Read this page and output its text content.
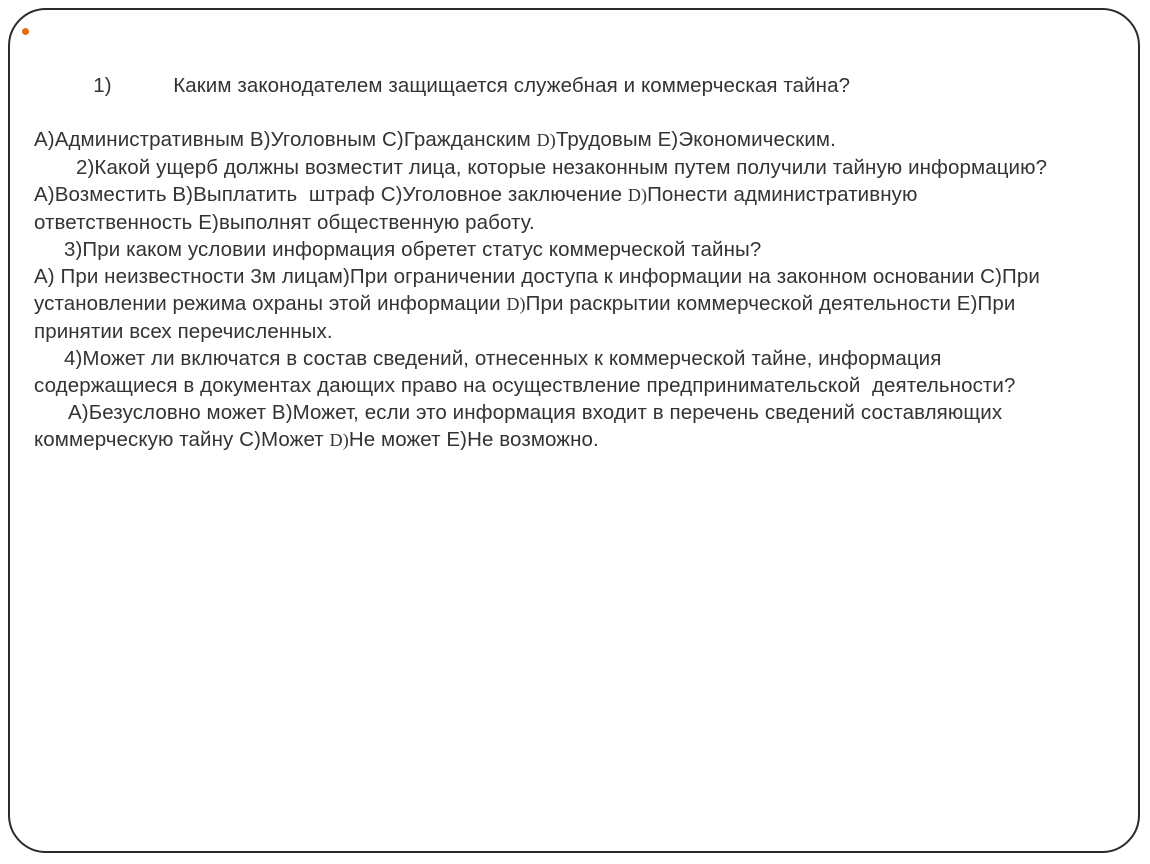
1)	Каким законодателем защищается служебная и коммерческая тайна?

А)Административным В)Уголовным С)Гражданским D)Трудовым Е)Экономическим.
2)Какой ущерб должны возместит лица, которые незаконным путем получили тайную информацию?
А)Возместить В)Выплатить  штраф С)Уголовное заключение D)Понести административную
ответственность Е)выполнят общественную работу.
3)При каком условии информация обретет статус коммерческой тайны?
А) При неизвестности 3м лицам)При ограничении доступа к информации на законном основании С)При
установлении режима охраны этой информации D)При раскрытии коммерческой деятельности Е)При
принятии всех перечисленных.
4)Может ли включатся в состав сведений, отнесенных к коммерческой тайне, информация
содержащиеся в документах дающих право на осуществление предпринимательской  деятельности?
А)Безусловно может В)Может, если это информация входит в перечень сведений составляющих
коммерческую тайну С)Может D)Не может Е)Не возможно.
